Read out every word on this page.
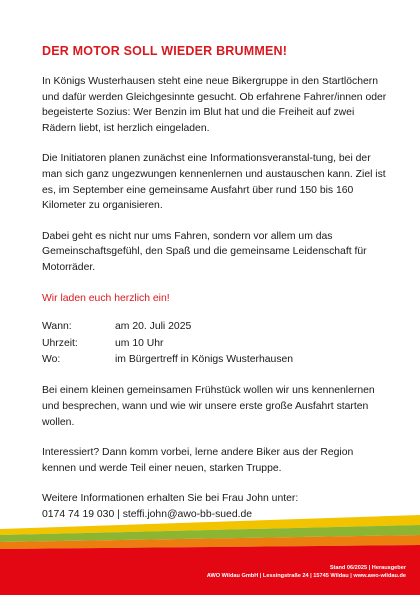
DER MOTOR SOLL WIEDER BRUMMEN!

In Königs Wusterhausen steht eine neue Bikergruppe in den Startlöchern und dafür werden Gleichgesinnte gesucht. Ob erfahrene Fahrer/innen oder begeisterte Sozius: Wer Benzin im Blut hat und die Freiheit auf zwei Rädern liebt, ist herzlich eingeladen.

Die Initiatoren planen zunächst eine Informationsveranstal-tung, bei der man sich ganz ungezwungen kennenlernen und austauschen kann. Ziel ist es, im September eine gemeinsame Ausfahrt über rund 150 bis 160 Kilometer zu organisieren.

Dabei geht es nicht nur ums Fahren, sondern vor allem um das Gemeinschaftsgefühl, den Spaß und die gemeinsame Leidenschaft für Motorräder.

Wir laden euch herzlich ein!

Wann:	am 20. Juli 2025
Uhrzeit:	um 10 Uhr
Wo:	im Bürgertreff in Königs Wusterhausen

Bei einem kleinen gemeinsamen Frühstück wollen wir uns kennenlernen und besprechen, wann und wie wir unsere erste große Ausfahrt starten wollen.

Interessiert? Dann komm vorbei, lerne andere Biker aus der Region kennen und werde Teil einer neuen, starken Truppe.

Weitere Informationen erhalten Sie bei Frau John unter:
0174 74 19 030 | steffi.john@awo-bb-sued.de

Stand 06/2025 | Herausgeber
AWO Wildau GmbH | Lessingstraße 24 | 15745 Wildau | www.awo-wildau.de
